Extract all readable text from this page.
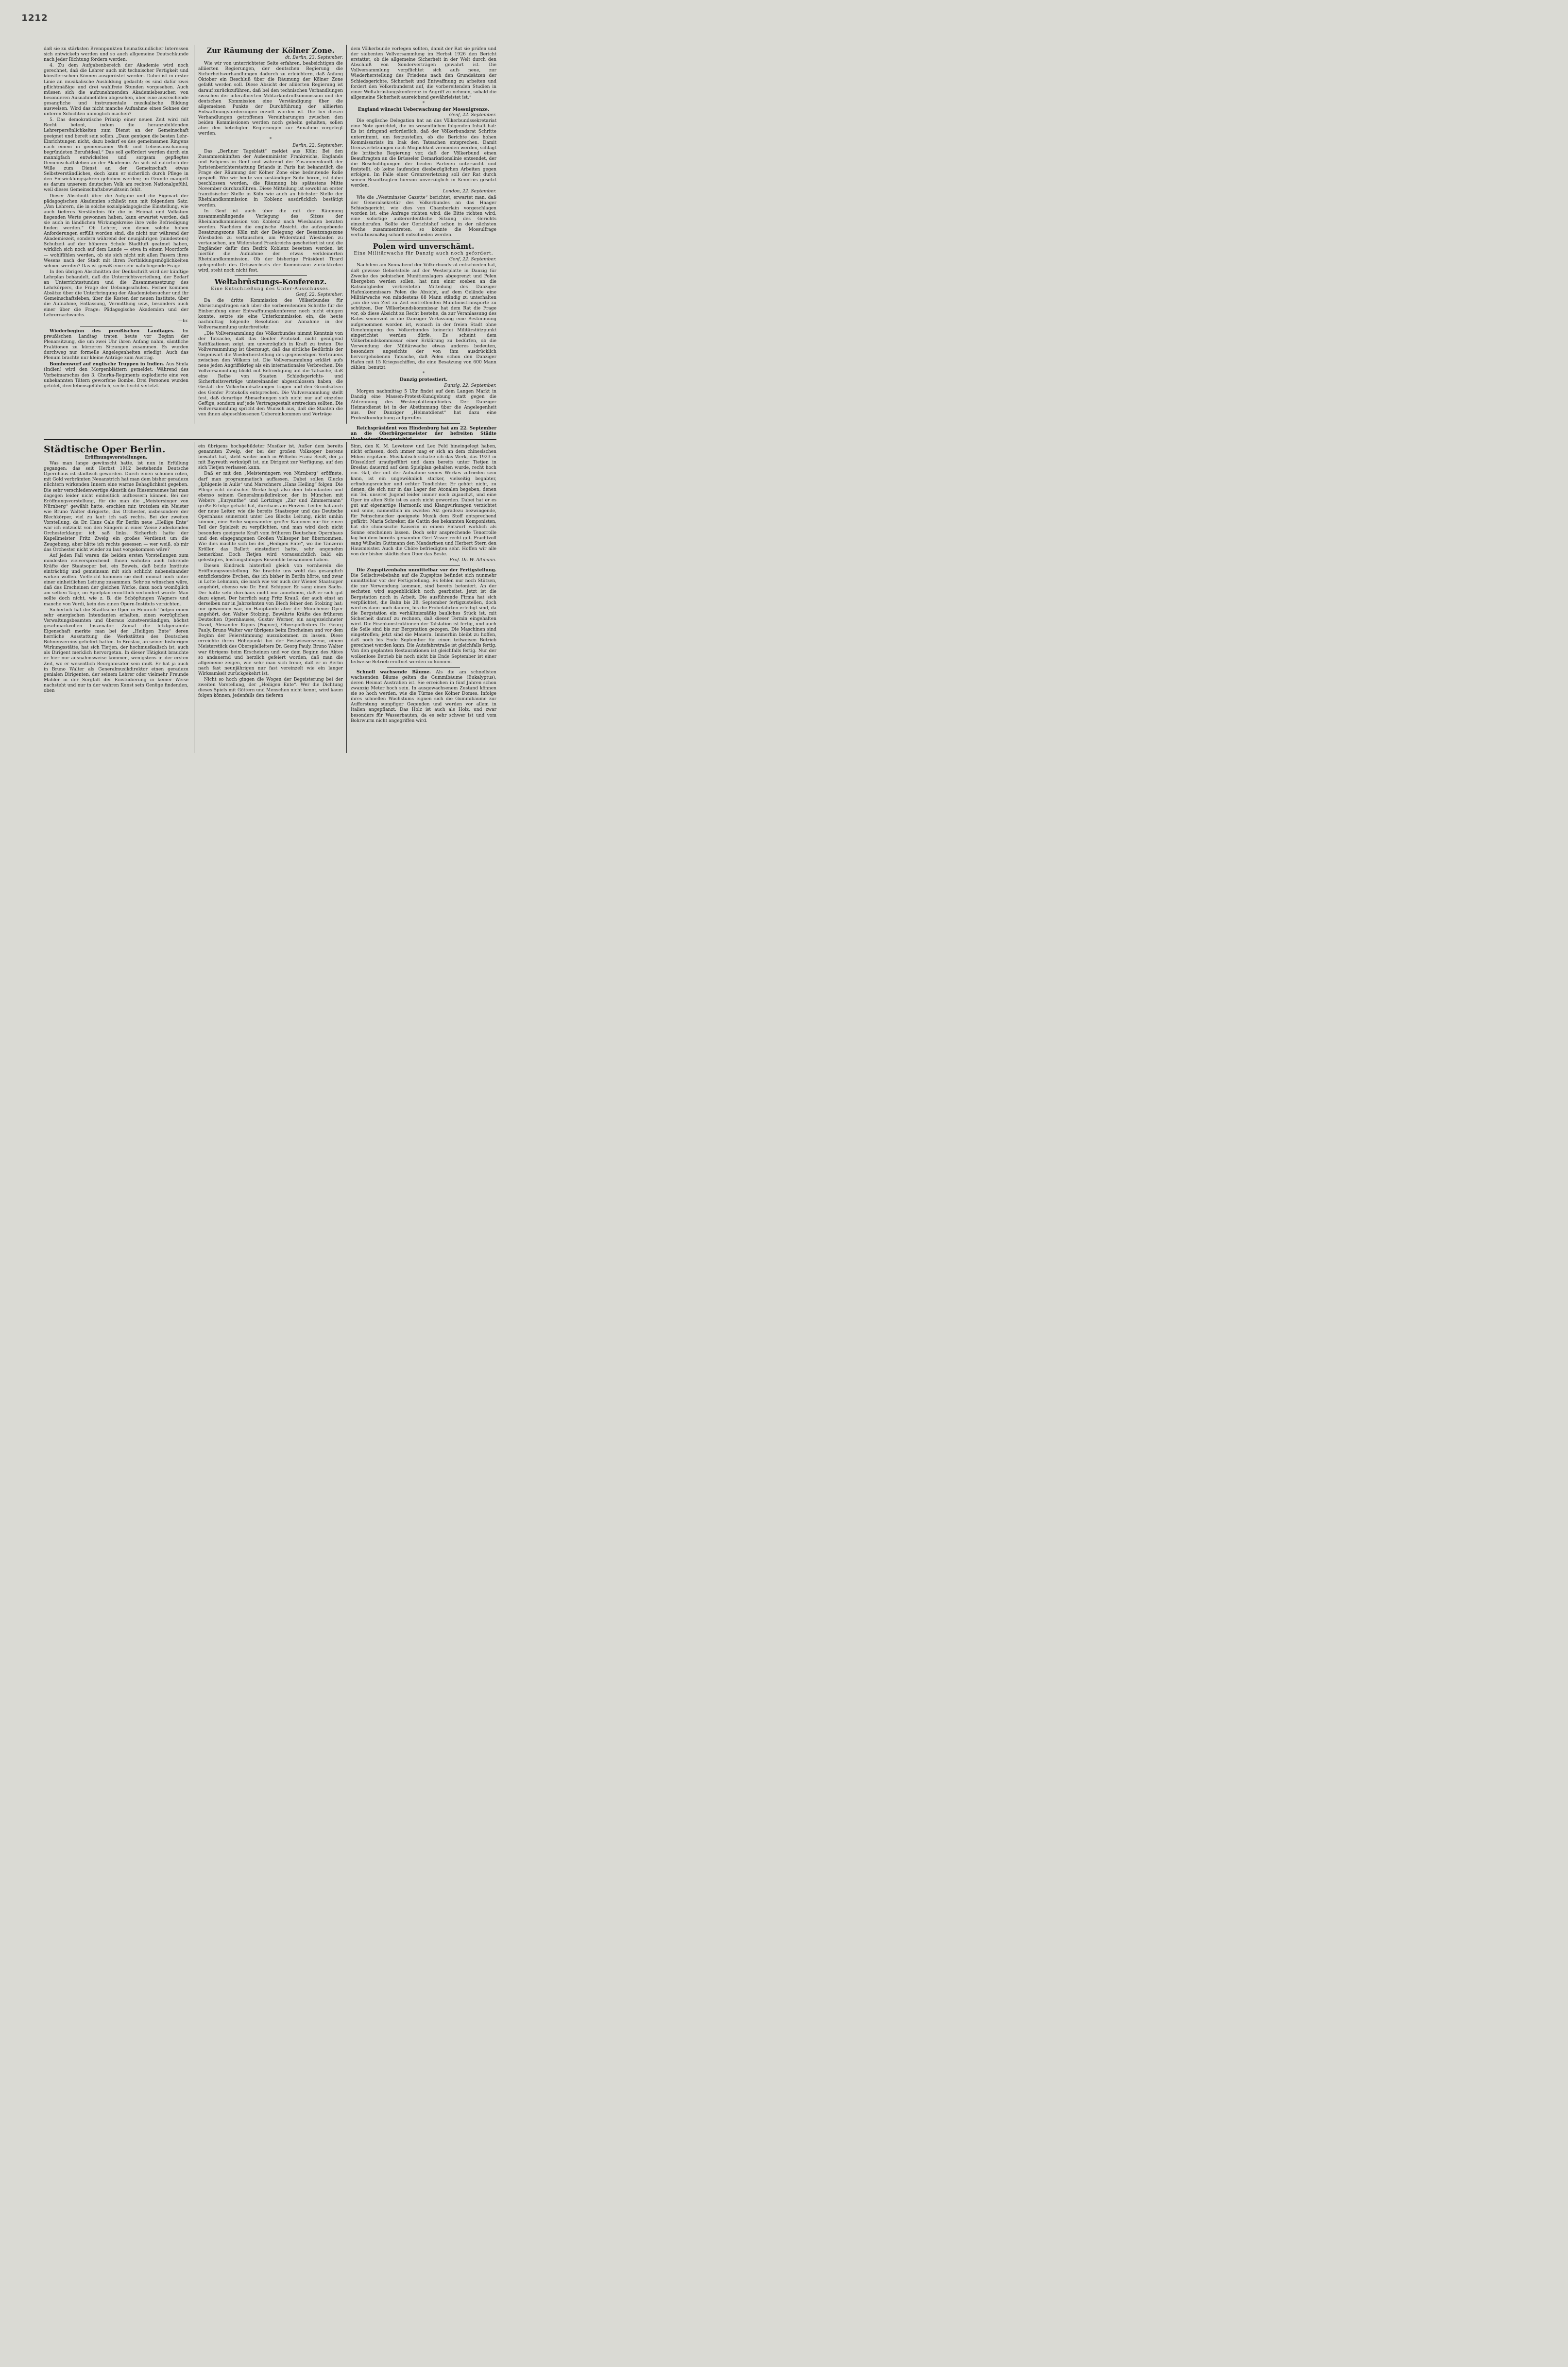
1212

daß sie zu stärksten Brennpunkten heimatkundlicher Interessen sich entwickeln werden und so auch allgemeine Deutschkunde nach jeder Richtung fördern werden.

4. Zu dem Aufgabenbereich der Akademie wird noch gerechnet, daß die Lehrer auch mit technischer Fertigkeit und künstlerischem Können ausgerüstet werden. Dabei ist in erster Linie an musikalische Ausbildung gedacht; es sind dafür zwei pflichtmäßige und drei wahlfreie Stunden vorgesehen. Auch müssen sich die aufzunehmenden Akademiebesucher, von besonderen Ausnahmefällen abgesehen, über eine ausreichende gesangliche und instrumentale musikalische Bildung ausweisen. Wird das nicht manche Aufnahme eines Sohnes der unteren Schichten unmöglich machen?

5. Das demokratische Prinzip einer neuen Zeit wird mit Recht betont, indem die heranzubildenden Lehrerpersönlichkeiten zum Dienst an der Gemeinschaft geeignet und bereit sein sollen. „Dazu genügen die besten Lehr-Einrichtungen nicht, dazu bedarf es des gemeinsamen Ringens nach einem in gemeinsamer Welt- und Lebensanschauung begründeten Berufsideal.“ Das soll gefördert werden durch ein mannigfach entwickeltes und sorgsam gepflegtes Gemeinschaftsleben an der Akademie. An sich ist natürlich der Wille zum Dienst an der Gemeinschaft etwas Selbstverständliches, doch kann er sicherlich durch Pflege in den Entwicklungsjahren gehoben werden; im Grunde mangelt es darum unserem deutschen Volk am rechten Nationalgefühl, weil dieses Gemeinschaftsbewußtsein fehlt.

Dieser Abschnitt über die Aufgabe und die Eigenart der pädagogischen Akademien schließt nun mit folgendem Satz: „Von Lehrern, die in solche sozialpädagogische Einstellung, wie auch tieferes Verständnis für die in Heimat und Volkstum liegenden Werte gewonnen haben, kann erwartet werden, daß sie auch in ländlichen Wirkungskreise ihre volle Befriedigung finden werden.“ Ob Lehrer, von denen solche hohen Anforderungen erfüllt worden sind, die nicht nur während der Akademiezeit, sondern während der neunjährigen (mindestens) Schulzeit auf der höheren Schule Stadtluft geatmet haben, wirklich sich noch auf dem Lande — etwa in einem Moordorfe — wohlfühlen werden, ob sie sich nicht mit allen Fasern ihres Wesens nach der Stadt mit ihren Fortbildungsmöglichkeiten sehnen werden? Das ist gewiß eine sehr naheliegende Frage.

In den übrigen Abschnitten der Denkschrift wird der künftige Lehrplan behandelt, daß die Unterrichtsverteilung, der Bedarf an Unterrichtsstunden und die Zusammensetzung des Lehrkörpers, die Frage der Uebungsschulen. Ferner kommen Absätze über die Unterbringung der Akademiebesucher und ihr Gemeinschaftsleben, über die Kosten der neuen Institute, über die Aufnahme, Entlassung, Vermittlung usw., besonders auch einer über die Frage: Pädagogische Akademien und der Lehrernachwuchs.

—br.

Wiederbeginn des preußischen Landtages. Im preußischen Landtag traten heute vor Beginn der Plenarsitzung, die um zwei Uhr ihren Anfang nahm, sämtliche Fraktionen zu kürzeren Sitzungen zusammen. Es wurden durchweg nur formelle Angelegenheiten erledigt. Auch das Plenum brachte nur kleine Anträge zum Austrag.

Bombenwurf auf englische Truppen in Indien. Aus Simla (Indien) wird den Morgenblättern gemeldet: Während des Vorbeimarsches des 3. Ghurka-Regiments explodierte eine von unbekannten Tätern geworfene Bombe. Drei Personen wurden getötet, drei lebensgefährlich, sechs leicht verletzt.

Zur Räumung der Kölner Zone.

dt. Berlin, 23. September.

Wie wir von unterrichteter Seite erfahren, beabsichtigen die alliierten Regierungen, der deutschen Regierung die Sicherheitsverhandlungen dadurch zu erleichtern, daß Anfang Oktober ein Beschluß über die Räumung der Kölner Zone gefaßt werden soll. Diese Absicht der alliierten Regierung ist darauf zurückzuführen, daß bei den technischen Verhandlungen zwischen der interalliierten Militärkontrollkommission und der deutschen Kommission eine Verständigung über die allgemeinen Punkte der Durchführung der alliierten Entwaffnungsforderungen erzielt worden ist. Die bei diesen Verhandlungen getroffenen Vereinbarungen zwischen den beiden Kommissionen werden noch geheim gehalten, sollen aber den beteiligten Regierungen zur Annahme vorgelegt werden.

*

Berlin, 22. September.

Das „Berliner Tageblatt“ meldet aus Köln: Bei den Zusammenkünften der Außenminister Frankreichs, Englands und Belgiens in Genf und während der Zusammenkunft der Juristenberichterstattung Briands in Paris hat bekanntlich die Frage der Räumung der Kölner Zone eine bedeutende Rolle gespielt. Wie wir heute von zuständiger Seite hören, ist dabei beschlossen worden, die Räumung bis spätestens Mitte November durchzuführen. Diese Mitteilung ist sowohl an erster französischer Stelle in Köln wie auch an höchster Stelle der Rheinlandkommission in Koblenz ausdrücklich bestätigt worden.

In Genf ist auch über die mit der Räumung zusammenhängende Verlegung des Sitzes der Rheinlandkommission von Koblenz nach Wiesbaden beraten worden. Nachdem die englische Absicht, die aufzugebende Besatzungszone Köln mit der Belegung der Besatzungszone Wiesbaden zu vertauschen, am Widerstand Wiesbaden zu vertauschen, am Widerstand Frankreichs gescheitert ist und die Engländer dafür den Bezirk Koblenz besetzen werden, ist hierfür die Aufnahme der etwas verkleinerten Rheinlandkommission. Ob der bisherige Präsident Tirard gelegentlich des Ortswechsels der Kommission zurücktreten wird, steht noch nicht fest.

Weltabrüstungs-Konferenz.

Eine Entschließung des Unter-Ausschusses.

Genf, 22. September.

Da die dritte Kommission des Völkerbundes für Abrüstungsfragen sich über die vorbereitenden Schritte für die Einberufung einer Entwaffnungskonferenz noch nicht einigen konnte, setzte sie eine Unterkommission ein, die heute nachmittag folgende Resolution zur Annahme in der Vollversammlung unterbreitete:

„Die Vollversammlung des Völkerbundes nimmt Kenntnis von der Tatsache, daß das Genfer Protokoll nicht genügend Ratifikationen zeigt, um unverzüglich in Kraft zu treten. Die Vollversammlung ist überzeugt, daß das sittliche Bedürfnis der Gegenwart die Wiederherstellung des gegenseitigen Vertrauens zwischen den Völkern ist. Die Vollversammlung erklärt aufs neue jeden Angriffskrieg als ein internationales Verbrechen. Die Vollversammlung blickt mit Befriedigung auf die Tatsache, daß eine Reihe von Staaten Schiedsgerichts- und Sicherheitsverträge untereinander abgeschlossen haben, die Gestalt der Völkerbundsatzungen tragen und den Grundsätzen des Genfer Protokolls entsprechen. Die Vollversammlung stellt fest, daß derartige Abmachungen sich nicht nur auf einzelne Gefüge, sondern auf jede Vertragsgestalt erstrecken sollten. Die Vollversammlung spricht den Wunsch aus, daß die Staaten die von ihnen abgeschlossenen Uebereinkommen und Verträge

dem Völkerbunde vorlegen sollten, damit der Rat sie prüfen und der siebenten Vollversammlung im Herbst 1926 den Bericht erstattet, ob die allgemeine Sicherheit in der Welt durch den Abschluß von Sonderverträgen gewahrt ist. Die Vollversammlung verpflichtet sich aufs neue, zur Wiederherstellung des Friedens nach den Grundsätzen der Schiedsgerichte, Sicherheit und Entwaffnung zu arbeiten und fordert den Völkerbundsrat auf, die vorbereitenden Studien in einer Weltabrüstungskonferenz in Angriff zu nehmen, sobald die allgemeine Sicherheit ausreichend gewährleistet ist.“

*

England wünscht Ueberwachung der Mossulgrenze.

Genf, 22. September.

Die englische Delegation hat an das Völkerbundssekretariat eine Note gerichtet, die im wesentlichen folgenden Inhalt hat: Es ist dringend erforderlich, daß der Völkerbundsrat Schritte unternimmt, um festzustellen, ob die Berichte des hohen Kommissariats im Irak den Tatsachen entsprechen. Damit Grenzverletzungen nach Möglichkeit vermieden werden, schlägt die britische Regierung vor, daß der Völkerbund einen Beauftragten an die Brüsseler Demarkationslinie entsendet, der die Beschuldigungen der beiden Parteien untersucht und feststellt, ob keine laufenden diesbezüglichen Arbeiten gegen erfolgen. Im Falle einer Grenzverletzung soll der Rat durch seinen Beauftragten hiervon unverzüglich in Kenntnis gesetzt werden.

London, 22. September.

Wie die „Westminster Gazette“ berichtet, erwartet man, daß der Generalsekretär des Völkerbundes an das Haager Schiedsgericht, wie dies von Chamberlain vorgeschlagen worden ist, eine Anfrage richten wird; die Bitte richten wird, eine sofortige außerordentliche Sitzung des Gerichts einzuberufen. Sollte der Gerichtshof schon in der nächsten Woche zusammentreten, so könnte die Mossulfrage verhältnismäßig schnell entschieden werden.

Polen wird unverschämt.

Eine Militärwache für Danzig auch noch gefordert.

Genf, 22. September.

Nachdem am Sonnabend der Völkerbundsrat entschieden hat, daß gewisse Gebietsteile auf der Westerplatte in Danzig für Zwecke des polnischen Munitionslagers abgegrenzt und Polen übergeben werden sollen, hat nun einer soeben an die Ratsmitglieder verbreiteten Mitteilung des Danziger Hafenkommissars Polen die Absicht, auf dem Gelände eine Militärwache von mindestens 88 Mann ständig zu unterhalten „um die von Zeit zu Zeit eintreffenden Munitionstransporte zu schützen. Der Völkerbundskommissar hat dem Rat die Frage vor, ob diese Absicht zu Recht bestehe, da zur Veranlassung des Rates seinerzeit in die Danziger Verfassung eine Bestimmung aufgenommen worden ist, wonach in der freien Stadt ohne Genehmigung des Völkerbundes keinerlei Militärstützpunkt eingerichtet werden dürfe. Es scheint dem Völkerbundskommissar einer Erklärung zu bedürfen, ob die Verwendung der Militärwache etwas anderes bedeuten, besonders angesichts der von ihm ausdrücklich hervorgehobenen Tatsache, daß Polen schon den Danziger Hafen mit 15 Kriegsschiffen, die eine Besatzung von 600 Mann zählen, benutzt.

*

Danzig protestiert.

Danzig, 22. September.

Morgen nachmittag 5 Uhr findet auf dem Langen Markt in Danzig eine Massen-Protest-Kundgebung statt gegen die Abtrennung des Westerplattengebietes. Der Danziger Heimatdienst ist in der Abstimmung über die Angelegenheit aus. Der Danziger „Heimatdienst“ hat dazu eine Protestkundgebung aufgerufen.

Reichspräsident von Hindenburg hat am 22. September an die Oberbürgermeister der befreiten Städte

Städtische Oper Berlin.

Eröffnungsvorstellungen.

Was man lange gewünscht hatte, ist nun in Erfüllung gegangen: das seit Herbst 1912 bestehende Deutsche Opernhaus ist städtisch geworden. Durch einen schönen roten, mit Gold verbrämten Neuanstrich hat man dem bisher geradezu nüchtern wirkenden Innern eine warme Behaglichkeit gegeben. Die sehr verschiedenwertige Akustik des Riesenraumes hat man dagegen leider nicht einheitlich aufbessern können. Bei der Eröffnungsvorstellung, für die man die „Meistersinger von Nürnberg“ gewählt hatte, erschien mir, trotzdem ein Meister wie Bruno Walter dirigierte, das Orchester, insbesondere der Blechkörper, viel zu laut: ich saß rechts. Bei der zweiten Vorstellung, da Dr. Hans Gals für Berlin neue „Heilige Ente“ war ich entzückt von den Sängern in einer Weise zudeckenden Orchesterklange: ich saß links. Sicherlich hatte der Kapellmeister Fritz Zweig ein großes Verdienst um die Zeugebung, aber hätte ich rechts gesessen — wer weiß, ob mir das Orchester nicht wieder zu laut vorgekommen wäre?

Auf jeden Fall waren die beiden ersten Vorstellungen zum mindesten vielversprechend. Ihnen wohnten auch führende Kräfte der Staatsoper bei, ein Beweis, daß beide Institute einträchtig und gemeinsam mit sich schlicht nebeneinander wirken wollen. Vielleicht kommen sie doch einmal noch unter einer einheitlichen Leitung zusammen. Sehr zu wünschen wäre, daß das Erscheinen der gleichen Werke, dazu noch womöglich am selben Tage, im Spielplan ermittlich verhindert würde. Man sollte doch nicht, wie z. B. die Schöpfungen Wagners und manche von Verdi, kein des einen Opern-Instituts verzichten.

Sicherlich hat die Städtische Oper in Heinrich Tietjen einen sehr energischen Intendanten erhalten, einen vorzüglichen Verwaltungsbeamten und überaus kunstverständigen, höchst geschmackvollen Inszenator. Zumal die letztgenannte Eigenschaft merkte man bei der „Heiligen Ente“ deren herrliche Ausstattung die Werkstätten des Deutschen Bühnenvereins geliefert hatten. In Breslau, an seiner bisherigen Wirkungsstätte, hat sich Tietjen, der hochmusikalisch ist, auch als Dirigent merklich hervorgetan. In dieser Tätigkeit brauchte er hier nur ausnahmsweise kommen, wenigstens in der ersten Zeit, wo er wesentlich Reorganisator sein muß. Er hat ja auch in Bruno Walter als Generalmusikdirektor einen geradezu genialen Dirigenten, der seinem Lehrer oder vielmehr Freunde Mahler in der Sorgfalt der Einstudierung in keiner Weise nachsteht und nur in der wahren Kunst sein Genüge findenden, oben

ein übrigens hochgebildeter Musiker ist. Außer dem bereits genannten Zweig, der bei der großen Volksoper bestens bewährt hat, steht weiter noch in Wilhelm Franz Reuß, der ja mit Bayreuth verknüpft ist, ein Dirigent zur Verfügung, auf den sich Tietjen verlassen kann.

Daß er mit den „Meistersingern von Nürnberg“ eröffnete, darf man programmatisch auffassen. Dabei sollen Glucks „Iphigenie in Aulis“ und Marschners „Hans Heiling“ folgen. Die Pflege echt deutscher Werke liegt also dem Intendanten und ebenso seinem Generalmusikdirektor, der in München mit Webers „Euryanthe“ und Lortzings „Zar und Zimmermann“ große Erfolge gehabt hat, durchaus am Herzen. Leider hat auch der neue Leiter, wie die bereits Staatsoper und das Deutsche Opernhaus seinerzeit unter Leo Blechs Leitung, nicht umhin können, eine Reihe sogenannter großer Kanonen nur für einen Teil der Spielzeit zu verpflichten, und man wird doch nicht besonders geeignete Kraft vom früheren Deutschen Opernhaus und den eingegangenen Großen Volksoper her übernommen. Wie dies machte sich bei der „Heiligen Ente“, wo die Tänzerin Kröller, das Ballett einstudiert hatte, sehr angenehm bemerkbar. Doch Tietjen wird voraussichtlich bald ein gefestigtes, leistungsfähiges Ensemble beisammen haben.

Diesen Eindruck hinterließ gleich von vornherein die Eröffnungsvorstellung. Sie brachte uns wohl das gesanglich entzückendste Evchen, das ich bisher in Berlin hörte, und zwar in Lotte Lehmann, die nach wie vor auch der Wiener Staatsoper angehört, ebenso wie Dr. Emil Schipper. Er sang einen Sachs. Der hatte sehr durchaus nicht nur annehmen, daß er sich gut dazu eignet. Der herrlich sang Fritz Krauß, der auch einst an derselben nur in Jahrzehnten von Blech feiner den Stolzing hat; nur gewonnen war, im Hauptamte aber der Münchener Oper angehört, den Walter Stolzing. Bewährte Kräfte des früheren Deutschen Opernhauses, Gustav Werner, ein ausgezeichneter David, Alexander Kipnis (Pogner), Oberspielleiters Dr. Georg Pauly, Bruno Walter war übrigens beim Erscheinen und vor dem Beginn der Feierstimmung auszukommen zu lassen. Diese erreichte ihren Höhepunkt bei der Festwiesenszene, einem Meisterstück des Oberspielleiters Dr. Georg Pauly. Bruno Walter war übrigens beim Erscheinen und vor dem Beginn des Aktes so andauernd und herzlich gefeiert worden, daß man die allgemeine zeigen, wie sehr man sich freue, daß er in Berlin nach fast neunjährigen nur fast vereinzelt wie ein langer Wirksamkeit zurückgekehrt ist.

Nicht so hoch gingen die Wogen der Begeisterung bei der zweiten Vorstellung, der „Heiligen Ente“. Wer die Dichtung dieses Spiels mit Göttern und Menschen nicht kennt, wird kaum folgen können, jedenfalls den tieferen

Sinn, den K. M. Levetzow und Leo Feld hineingelegt haben, nicht erfassen, doch immer mag er sich an dem chinesischen Milieu ergötzen. Musikalisch schätze ich das Werk, das 1923 in Düsseldorf uraufgeführt und dann bereits unter Tietjen in Breslau dauernd auf dem Spielplan gehalten wurde, recht hoch ein. Gal, der mit der Aufnahme seines Werkes zufrieden sein kann, ist ein ungewöhnlich starker, vielseitig begabter, erfindungsreicher und echter Tondichter. Er gehört nicht, zu denen, die sich nur in das Lager der Atonalen begeben, denen ein Teil unserer Jugend leider immer noch zujauchzt, und eine Oper im alten Stile ist es auch nicht geworden. Dabei hat er es gut auf eigenartige Harmonik und Klangwirkungen verzichtet und seine, namentlich im zweiten Akt geradezu bezwingende, für Feinschmecker geeignete Musik dem Stoff entsprechend gefärbt. Maria Schreker, die Gattin des bekannten Komponisten, hat die chinesische Kaiserin in einem Entwurf wirklich als Sonne erscheinen lassen. Doch sehr ansprechende Tenorrolle lag bei dem bereits genannten Gert Visser recht gut. Prachtvoll sang Wilhelm Guttmann den Mandarinen und Herbert Stern den Hausmeister. Auch die Chöre befriedigten sehr. Hoffen wir alle von der bisher städtischen Oper das Beste.

Prof. Dr. W. Altmann.

Die Zugspitzenbahn unmittelbar vor der Fertigstellung. Die Seilschwebebahn auf die Zugspitze befindet sich nunmehr unmittelbar vor der Fertigstellung. Es fehlen nur noch Stützen, die zur Verwendung kommen, sind bereits betoniert. An der sechsten wird augenblicklich noch gearbeitet. Jetzt ist die Bergstation noch in Arbeit. Die ausführende Firma hat sich verpflichtet, die Bahn bis 28. September fertigzustellen, doch wird es dann noch dauern, bis die Probefahrten erledigt sind, da die Bergstation ein verhältnismäßig bauliches Stück ist, mit Sicherheit darauf zu rechnen, daß dieser Termin eingehalten wird. Die Eisenkonstruktionen der Talstation ist fertig, und auch die Seile sind bis zur Bergstation gezogen. Die Maschinen sind eingetroffen; jetzt sind die Mauern. Immerhin bleibt zu hoffen, daß noch bis Ende September für einen teilweisen Betrieb gerechnet werden kann. Die Autofahrstraße ist gleichfalls fertig. Von den geplanten Restaurationen ist gleichfalls fertig. Nur der wolkenlose Betrieb bis noch nicht bis Ende September ist einer teilweise Betrieb eröffnet werden zu können.

Schnell wachsende Bäume. Als die am schnellsten wachsenden Bäume gelten die Gummibäume (Eukalyptus), deren Heimat Australien ist. Sie erreichen in fünf Jahren schon zwanzig Meter hoch sein. In ausgewachsenem Zustand können sie so hoch werden, wie die Türme des Kölner Domes. Infolge ihres schnellen Wachstums eignen sich die Gummibäume zur Aufforstung sumpfiger Gegenden und werden vor allem in Italien angepflanzt. Das Holz ist auch als Holz, und zwar besonders für Wasserbauten, da es sehr schwer ist und vom Bohrwurm nicht angegriffen wird.
